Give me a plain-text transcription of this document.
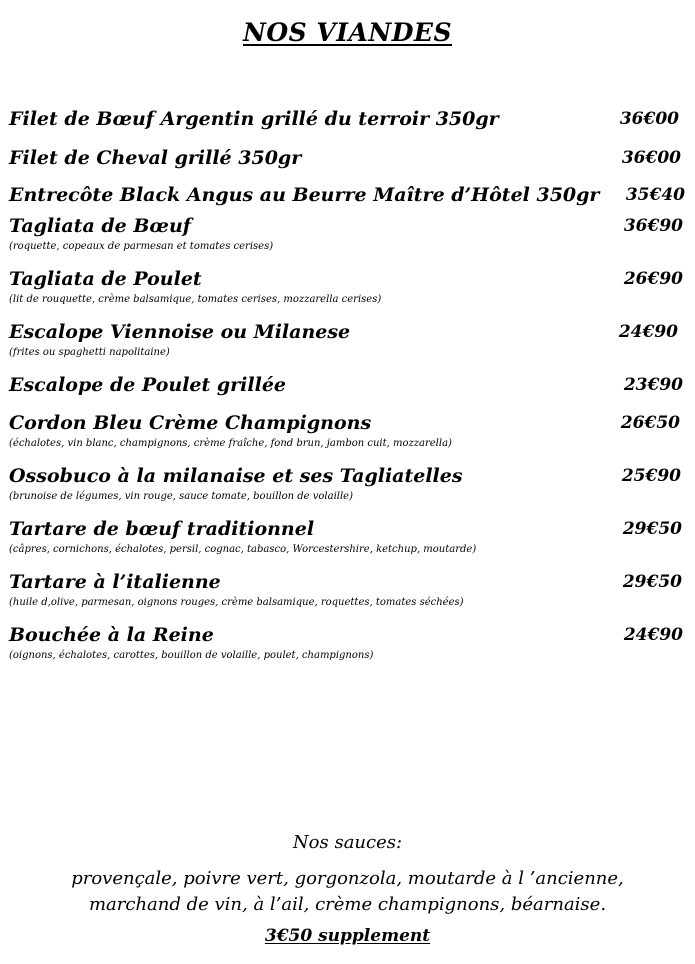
NOS VIANDES
Filet de Bœuf Argentin grillé du terroir 350gr	36€00
Filet de Cheval grillé 350gr	36€00
Entrecôte Black Angus au Beurre Maître d’Hôtel 350gr	35€40
Tagliata de Bœuf	36€90
(roquette, copeaux de parmesan et tomates cerises)
Tagliata de Poulet	26€90
(lit de rouquette, crème balsamique, tomates cerises, mozzarella cerises)
Escalope Viennoise ou Milanese	24€90
(frites ou spaghetti napolitaine)
Escalope de Poulet grillée	23€90
Cordon Bleu Crème Champignons	26€50
(échalotes, vin blanc, champignons, crème fraîche, fond brun, jambon cuit, mozzarella)
Ossobuco à la milanaise et ses Tagliatelles	25€90
(brunoise de légumes, vin rouge, sauce tomate, bouillon de volaille)
Tartare de bœuf traditionnel	29€50
(câpres, cornichons, échalotes, persil, cognac, tabasco, Worcestershire, ketchup, moutarde)
Tartare à l’italienne	29€50
(huile d,olive, parmesan, oignons rouges, crème balsamique, roquettes, tomates séchées)
Bouchée à la Reine	24€90
(oignons, échalotes, carottes, bouillon de volaille, poulet, champignons)
Nos sauces:
provençale, poivre vert, gorgonzola, moutarde à l ’ancienne,
marchand de vin, à l’ail, crème champignons, béarnaise.
3€50 supplement
